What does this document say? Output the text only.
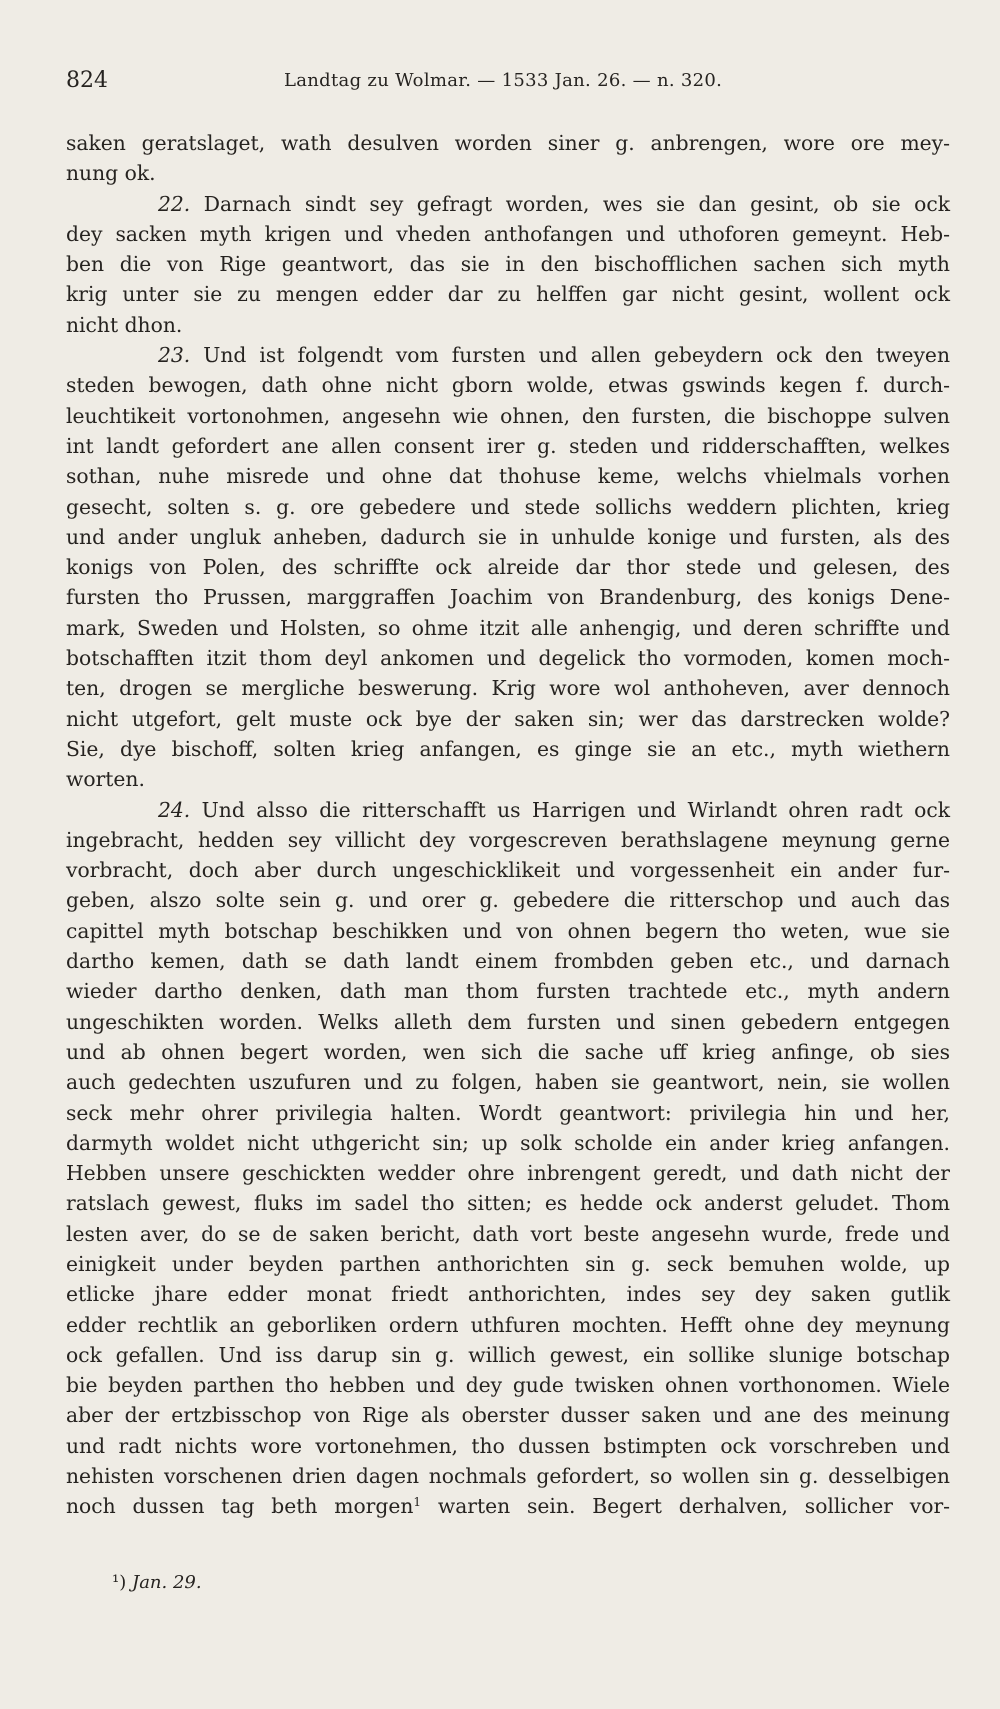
824	Landtag zu Wolmar. — 1533 Jan. 26. — n. 320.
saken geratslaget, wath desulven worden siner g. anbrengen, wore ore mey-
nung ok.
22. Darnach sindt sey gefragt worden, wes sie dan gesint, ob sie ock
dey sacken myth krigen und vheden anthofangen und uthoforen gemeynt. Heb-
ben die von Rige geantwort, das sie in den bischofflichen sachen sich myth
krig unter sie zu mengen edder dar zu helffen gar nicht gesint, wollent ock
nicht dhon.
23. Und ist folgendt vom fursten und allen gebeydern ock den tweyen
steden bewogen, dath ohne nicht gborn wolde, etwas gswinds kegen f. durch-
leuchtikeit vortonohmen, angesehn wie ohnen, den fursten, die bischoppe sulven
int landt gefordert ane allen consent irer g. steden und ridderschafften, welkes
sothan, nuhe misrede und ohne dat thohuse keme, welchs vhielmals vorhen
gesecht, solten s. g. ore gebedere und stede sollichs weddern plichten, krieg
und ander ungluk anheben, dadurch sie in unhulde konige und fursten, als des
konigs von Polen, des schriffte ock alreide dar thor stede und gelesen, des
fursten tho Prussen, marggraffen Joachim von Brandenburg, des konigs Dene-
mark, Sweden und Holsten, so ohme itzit alle anhengig, und deren schriffte und
botschafften itzit thom deyl ankomen und degelick tho vormoden, komen moch-
ten, drogen se mergliche beswerung. Krig wore wol anthoheven, aver dennoch
nicht utgefort, gelt muste ock bye der saken sin; wer das darstrecken wolde?
Sie, dye bischoff, solten krieg anfangen, es ginge sie an etc., myth wiethern
worten.
24. Und alsso die ritterschafft us Harrigen und Wirlandt ohren radt ock
ingebracht, hedden sey villicht dey vorgescreven berathslagene meynung gerne
vorbracht, doch aber durch ungeschicklikeit und vorgessenheit ein ander fur-
geben, alszo solte sein g. und orer g. gebedere die ritterschop und auch das
capittel myth botschap beschikken und von ohnen begern tho weten, wue sie
dartho kemen, dath se dath landt einem frombden geben etc., und darnach
wieder dartho denken, dath man thom fursten trachtede etc., myth andern
ungeschikten worden. Welks alleth dem fursten und sinen gebedern entgegen
und ab ohnen begert worden, wen sich die sache uff krieg anfinge, ob sies
auch gedechten uszufuren und zu folgen, haben sie geantwort, nein, sie wollen
seck mehr ohrer privilegia halten. Wordt geantwort: privilegia hin und her,
darmyth woldet nicht uthgericht sin; up solk scholde ein ander krieg anfangen.
Hebben unsere geschickten wedder ohre inbrengent geredt, und dath nicht der
ratslach gewest, fluks im sadel tho sitten; es hedde ock anderst geludet. Thom
lesten aver, do se de saken bericht, dath vort beste angesehn wurde, frede und
einigkeit under beyden parthen anthorichten sin g. seck bemuhen wolde, up
etlicke jhare edder monat friedt anthorichten, indes sey dey saken gutlik
edder rechtlik an geborliken ordern uthfuren mochten. Hefft ohne dey meynung
ock gefallen. Und iss darup sin g. willich gewest, ein sollike slunige botschap
bie beyden parthen tho hebben und dey gude twisken ohnen vorthonomen. Wiele
aber der ertzbisschop von Rige als oberster dusser saken und ane des meinung
und radt nichts wore vortonehmen, tho dussen bstimpten ock vorschreben und
nehisten vorschenen drien dagen nochmals gefordert, so wollen sin g. desselbigen
noch dussen tag beth morgen$^1$ warten sein. Begert derhalven, sollicher vor-
¹) Jan. 29.
